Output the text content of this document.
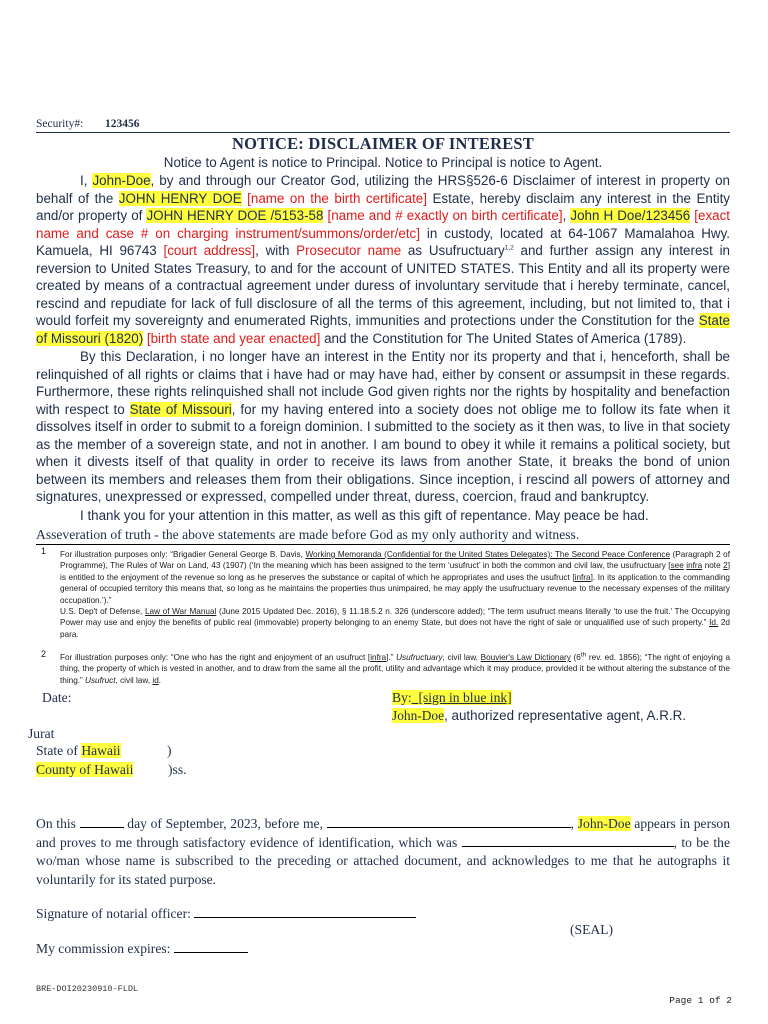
Security#: 123456
NOTICE: DISCLAIMER OF INTEREST
Notice to Agent is notice to Principal. Notice to Principal is notice to Agent.

I, John-Doe, by and through our Creator God, utilizing the HRS§526-6 Disclaimer of interest in property on behalf of the JOHN HENRY DOE [name on the birth certificate] Estate, hereby disclaim any interest in the Entity and/or property of JOHN HENRY DOE /5153-58 [name and # exactly on birth certificate], John H Doe/123456 [exact name and case # on charging instrument/summons/order/etc] in custody, located at 64-1067 Mamalahoa Hwy. Kamuela, HI 96743 [court address], with Prosecutor name as Usufructuary$^{1,2}$ and further assign any interest in reversion to United States Treasury, to and for the account of UNITED STATES. This Entity and all its property were created by means of a contractual agreement under duress of involuntary servitude that i hereby terminate, cancel, rescind and repudiate for lack of full disclosure of all the terms of this agreement, including, but not limited to, that i would forfeit my sovereignty and enumerated Rights, immunities and protections under the Constitution for the State of Missouri (1820) [birth state and year enacted] and the Constitution for The United States of America (1789).

By this Declaration, i no longer have an interest in the Entity nor its property and that i, henceforth, shall be relinquished of all rights or claims that i have had or may have had, either by consent or assumpsit in these regards. Furthermore, these rights relinquished shall not include God given rights nor the rights by hospitality and benefaction with respect to State of Missouri, for my having entered into a society does not oblige me to follow its fate when it dissolves itself in order to submit to a foreign dominion. I submitted to the society as it then was, to live in that society as the member of a sovereign state, and not in another. I am bound to obey it while it remains a political society, but when it divests itself of that quality in order to receive its laws from another State, it breaks the bond of union between its members and releases them from their obligations. Since inception, i rescind all powers of attorney and signatures, unexpressed or expressed, compelled under threat, duress, coercion, fraud and bankruptcy.

I thank you for your attention in this matter, as well as this gift of repentance. May peace be had.

Asseveration of truth - the above statements are made before God as my only authority and witness.
1 For illustration purposes only: “Brigadier General George B. Davis, Working Memoranda (Confidential for the United States Delegates): The Second Peace Conference (Paragraph 2 of Programme), The Rules of War on Land, 43 (1907) (‘In the meaning which has been assigned to the term ‘usufruct’ in both the common and civil law, the usufructuary [see infra note 2] is entitled to the enjoyment of the revenue so long as he preserves the substance or capital of which he appropriates and uses the usufruct [infra]. In its application to the commanding general of occupied territory this means that, so long as he maintains the properties thus unimpaired, he may apply the usufructuary revenue to the necessary expenses of the military occupation.’).”
U.S. Dep't of Defense, Law of War Manual (June 2015 Updated Dec. 2016), § 11.18.5.2 n. 326 (underscore added); “The term usufruct means literally ‘to use the fruit.’ The Occupying Power may use and enjoy the benefits of public real (immovable) property belonging to an enemy State, but does not have the right of sale or unqualified use of such property.” Id. 2d para.
2 For illustration purposes only: “One who has the right and enjoyment of an usufruct [infra].” Usufructuary, civil law, Bouvier's Law Dictionary (6th rev. ed. 1856); “The right of enjoying a thing, the property of which is vested in another, and to draw from the same all the profit, utility and advantage which it may produce, provided it be without altering the substance of the thing.” Usufruct, civil law, id.
Date:	By:_[sign in blue ink]
John-Doe, authorized representative agent, A.R.R.
Jurat
State of Hawaii	)
County of Hawaii	)ss.
On this	day of September, 2023, before me,	, John-Doe appears in person and proves to me through satisfactory evidence of identification, which was	, to be the wo/man whose name is subscribed to the preceding or attached document, and acknowledges to me that he autographs it voluntarily for its stated purpose.
Signature of notarial officer:
(SEAL)
My commission expires:
BRE-DOI20230910-FLDL
Page 1 of 2
